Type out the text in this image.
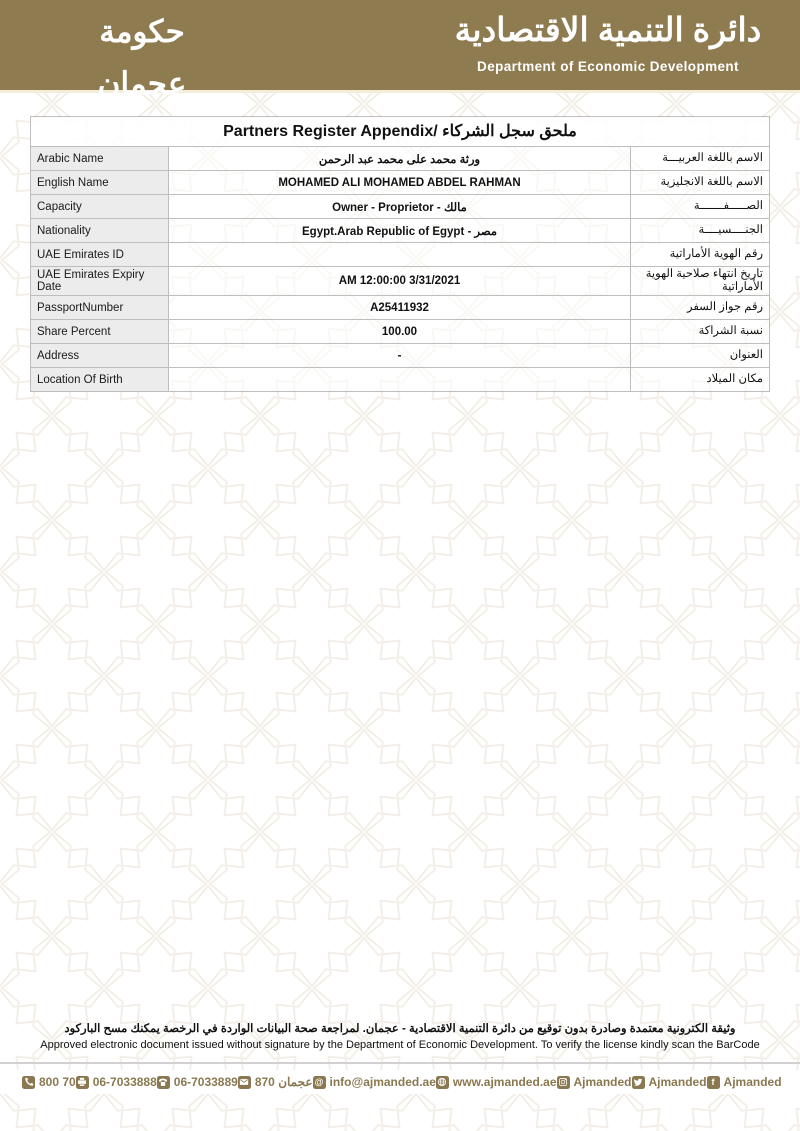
حكومة عجمان
دائرة التنمية الاقتصادية
Department of Economic Development
Partners Register Appendix/ ملحق سجل الشركاء
Arabic Name	ورثة محمد على محمد عبد الرحمن	الاسم باللغة العربيـــة
English Name	MOHAMED ALI MOHAMED ABDEL RAHMAN	الاسم باللغة الانجليزية
Capacity	Owner - Proprietor - مالك	الصـــــفـــــــة
Nationality	Egypt.Arab Republic of Egypt - مصر	الجنــــسيــــة
UAE Emirates ID		رقم الهوية الأماراتية
UAE Emirates Expiry Date	AM 12:00:00 3/31/2021	تاريخ انتهاء صلاحية الهوية الأماراتية
PassportNumber	A25411932	رقم جواز السفر
Share Percent	100.00	نسبة الشراكة
Address	-	العنوان
Location Of Birth		مكان الميلاد
وثيقة الكترونية معتمدة وصادرة بدون توقيع من دائرة التنمية الاقتصادية - عجمان. لمراجعة صحة البيانات الواردة في الرخصة يمكنك مسح الباركود
Approved electronic document issued without signature by the Department of Economic Development. To verify the license kindly scan the BarCode
800 70 06-7033888 06-7033889 عجمان 870 @ info@ajmanded.ae www.ajmanded.ae Ajmanded Ajmanded f Ajmanded
